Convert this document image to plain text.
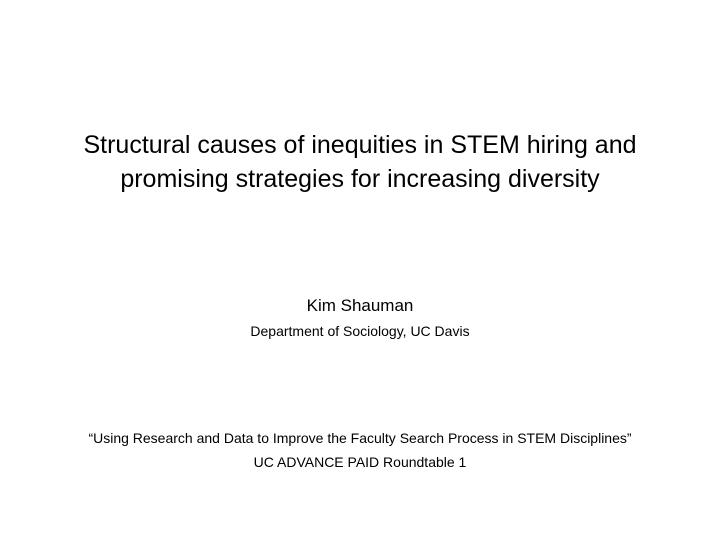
Structural causes of inequities in STEM hiring and
promising strategies for increasing diversity

Kim Shauman

Department of Sociology, UC Davis

“Using Research and Data to Improve the Faculty Search Process in STEM Disciplines”

UC ADVANCE PAID Roundtable 1
